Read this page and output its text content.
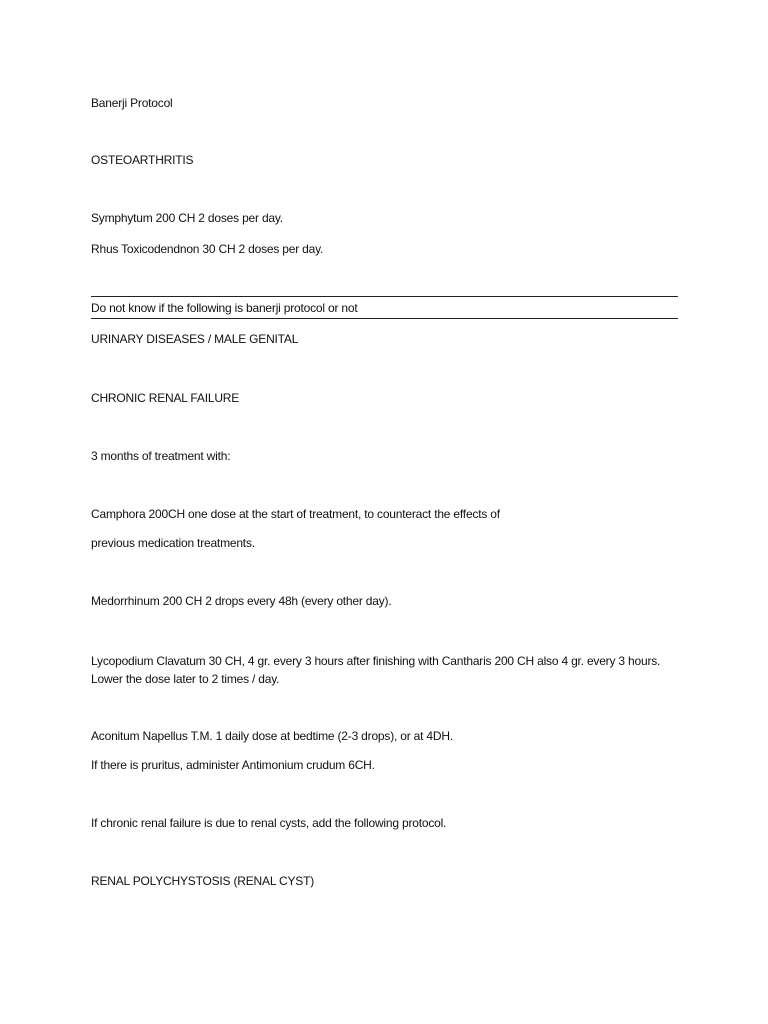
Banerji Protocol
OSTEOARTHRITIS
Symphytum 200 CH 2 doses per day.
Rhus Toxicodendnon 30 CH 2 doses per day.
Do not know if the following is banerji protocol or not
URINARY DISEASES / MALE GENITAL
CHRONIC RENAL FAILURE
3 months of treatment with:
Camphora 200CH one dose at the start of treatment, to counteract the effects of
previous medication treatments.
Medorrhinum 200 CH 2 drops every 48h (every other day).
Lycopodium Clavatum 30 CH, 4 gr. every 3 hours after finishing with Cantharis 200 CH also 4 gr. every 3 hours. Lower the dose later to 2 times / day.
Aconitum Napellus T.M. 1 daily dose at bedtime (2-3 drops), or at 4DH.
If there is pruritus, administer Antimonium crudum 6CH.
If chronic renal failure is due to renal cysts, add the following protocol.
RENAL POLYCHYSTOSIS (RENAL CYST)
